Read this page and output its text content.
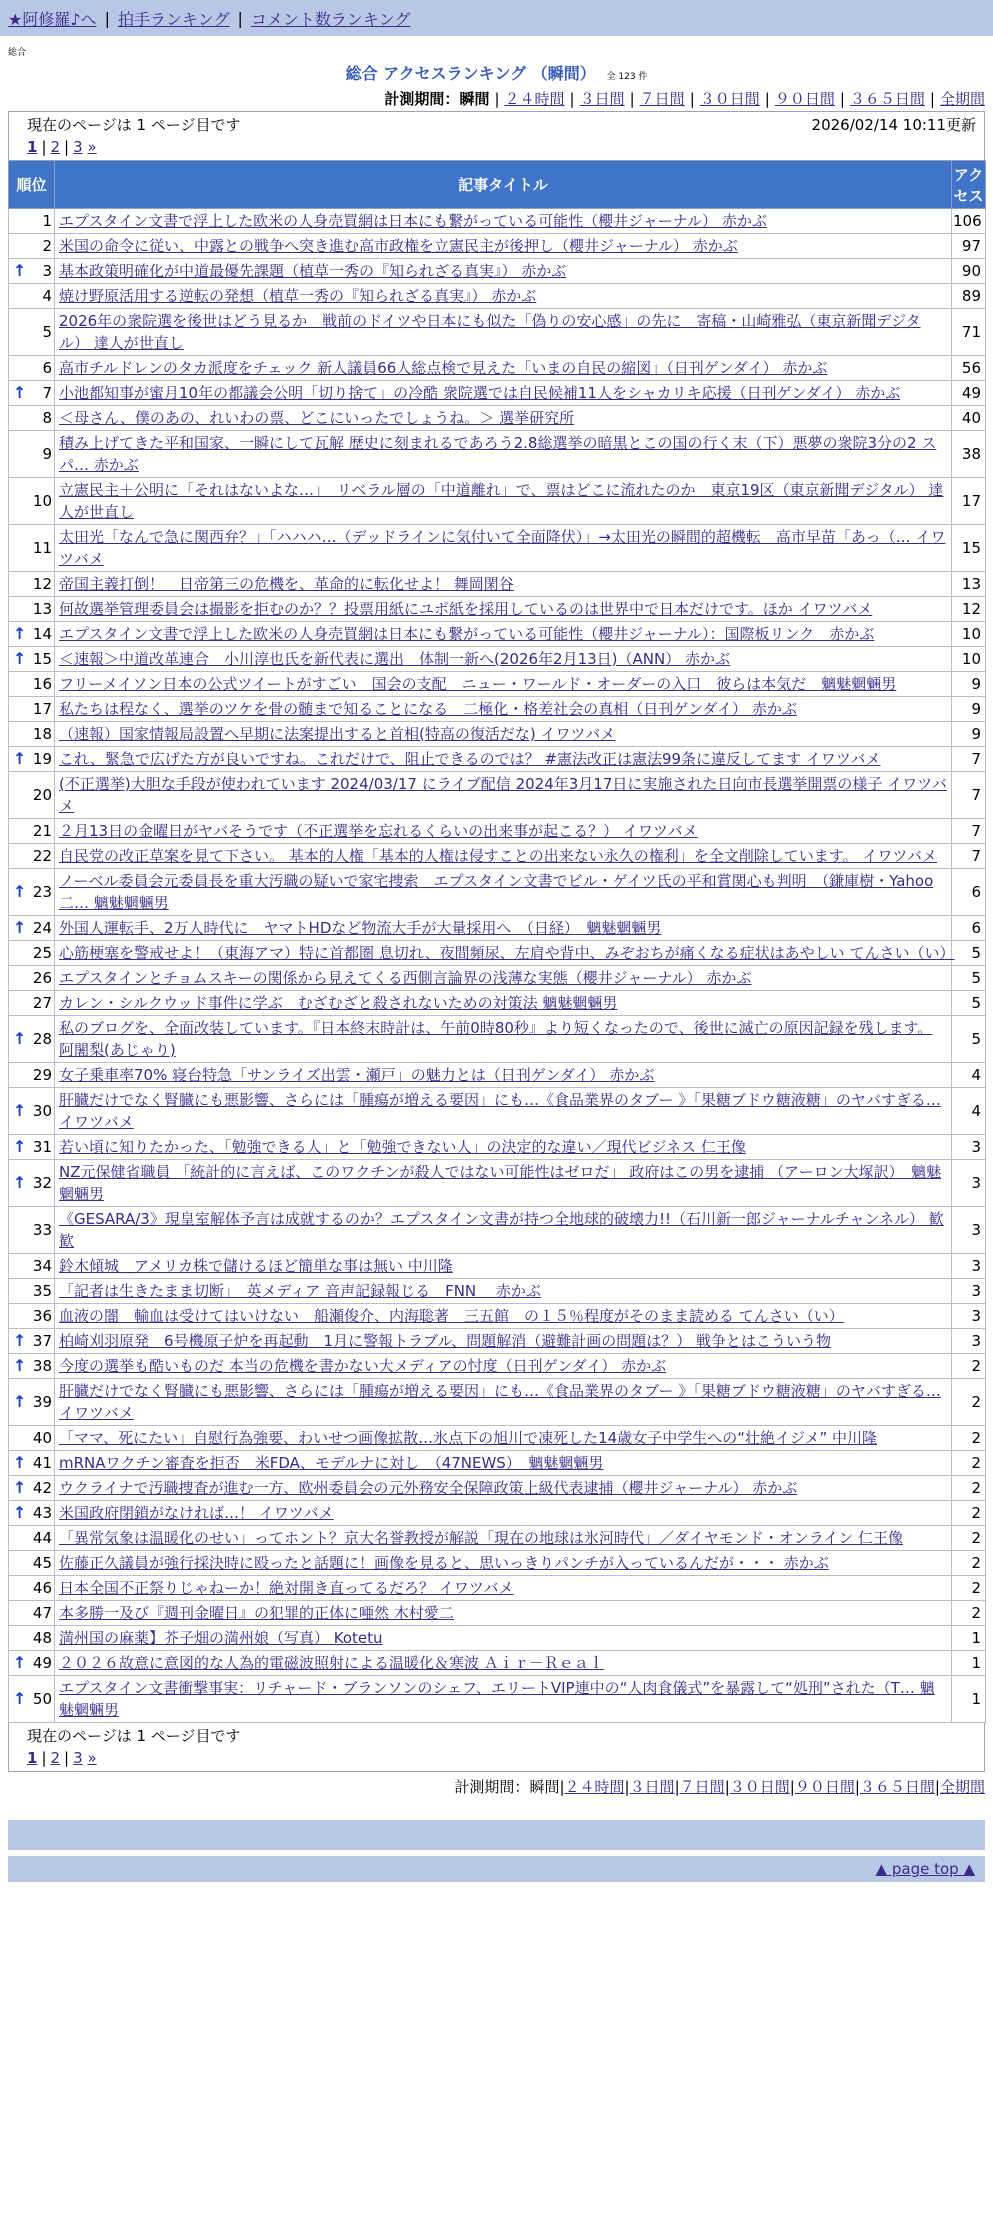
★阿修羅♪へ | 拍手ランキング | コメント数ランキング
総合
総合 アクセスランキング （瞬間） 全 123 件
計測期間：瞬間 | ２４時間 | ３日間 | ７日間 | ３０日間 | ９０日間 | ３６５日間 | 全期間
現在のページは 1 ページ目です	2026/02/14 10:11更新
1 | 2 | 3 »
順位	記事タイトル	アクセス
1	エプスタイン文書で浮上した欧米の人身売買網は日本にも繋がっている可能性（櫻井ジャーナル） 赤かぶ	106
2	米国の命令に従い、中露との戦争へ突き進む高市政権を立憲民主が後押し（櫻井ジャーナル） 赤かぶ	97

↑ 3	基本政策明確化が中道最優先課題（植草一秀の『知られざる真実』） 赤かぶ	90
4	焼け野原活用する逆転の発想（植草一秀の『知られざる真実』） 赤かぶ	89
5	2026年の衆院選を後世はどう見るか　戦前のドイツや日本にも似た「偽りの安心感」の先に　寄稿・山崎雅弘（東京新聞デジタル） 達人が世直し	71
6	高市チルドレンのタカ派度をチェック 新人議員66人総点検で見えた「いまの自民の縮図」（日刊ゲンダイ） 赤かぶ	56

↑ 7	小池都知事が蜜月10年の都議会公明「切り捨て」の冷酷 衆院選では自民候補11人をシャカリキ応援（日刊ゲンダイ） 赤かぶ	49
8	＜母さん、僕のあの、れいわの票、どこにいったでしょうね。＞ 選挙研究所	40
9	積み上げてきた平和国家、一瞬にして瓦解 歴史に刻まれるであろう2.8総選挙の暗黒とこの国の行く末（下）悪夢の衆院3分の2 スパ… 赤かぶ	38
10	立憲民主＋公明に「それはないよな…」　リベラル層の「中道離れ」で、票はどこに流れたのか　東京19区（東京新聞デジタル） 達人が世直し	17
11	太田光「なんで急に関西弁？」「ハハハ…（デッドラインに気付いて全面降伏）」→太田光の瞬間的超機転　高市早苗「あっ（… イワツバメ	15
12	帝国主義打倒！　日帝第三の危機を、革命的に転化せよ！ 舞岡閑谷	13
13	何故選挙管理委員会は撮影を拒むのか？？投票用紙にユポ紙を採用しているのは世界中で日本だけです。ほか イワツバメ	12

↑ 14	エプスタイン文書で浮上した欧米の人身売買網は日本にも繋がっている可能性（櫻井ジャーナル）：国際板リンク　赤かぶ	10

↑ 15	＜速報＞中道改革連合　小川淳也氏を新代表に選出　体制一新へ(2026年2月13日)（ANN） 赤かぶ	10
16	フリーメイソン日本の公式ツイートがすごい　国会の支配　ニュー・ワールド・オーダーの入口　彼らは本気だ　魑魅魍魎男	9
17	私たちは程なく、選挙のツケを骨の髄まで知ることになる　二極化・格差社会の真相（日刊ゲンダイ） 赤かぶ	9
18	（速報）国家情報局設置へ早期に法案提出すると首相(特高の復活だな) イワツバメ	9

↑ 19	これ、緊急で広げた方が良いですね。これだけで、阻止できるのでは？ #憲法改正は憲法99条に違反してます イワツバメ	7
20	(不正選挙)大胆な手段が使われています 2024/03/17 にライブ配信 2024年3月17日に実施された日向市長選挙開票の様子 イワツバメ	7
21	２月13日の金曜日がヤバそうです（不正選挙を忘れるくらいの出来事が起こる？） イワツバメ	7
22	自民党の改正草案を見て下さい。 基本的人権「基本的人権は侵すことの出来ない永久の権利」を全文削除しています。 イワツバメ	7

↑ 23	ノーベル委員会元委員長を重大汚職の疑いで家宅捜索　エプスタイン文書でビル・ゲイツ氏の平和賞関心も判明　（鎌庫樹・Yahoo二… 魑魅魍魎男	6

↑ 24	外国人運転手、2万人時代に　ヤマトHDなど物流大手が大量採用へ　（日経）　魑魅魍魎男	6
25	心筋梗塞を警戒せよ！（東海アマ）特に首都圏 息切れ、夜間頻尿、左肩や背中、みぞおちが痛くなる症状はあやしい てんさい（い）	5
26	エプスタインとチョムスキーの関係から見えてくる西側言論界の浅薄な実態（櫻井ジャーナル） 赤かぶ	5
27	カレン・シルクウッド事件に学ぶ　むざむざと殺されないための対策法 魑魅魍魎男	5

↑ 28	私のブログを、全面改装しています。『日本終末時計は、午前0時80秒』より短くなったので、後世に滅亡の原因記録を残します。 阿闍梨(あじゃり)	5
29	女子乗車率70% 寝台特急「サンライズ出雲・瀬戸」の魅力とは（日刊ゲンダイ） 赤かぶ	4

↑ 30	肝臓だけでなく腎臓にも悪影響、さらには「腫瘍が増える要因」にも…《食品業界のタブー 》「果糖ブドウ糖液糖」のヤバすぎる… イワツバメ	4

↑ 31	若い頃に知りたかった、「勉強できる人」と「勉強できない人」の決定的な違い／現代ビジネス 仁王像	3

↑ 32	NZ元保健省職員 「統計的に言えば、このワクチンが殺人ではない可能性はゼロだ」 政府はこの男を逮捕 （アーロン大塚訳）　魑魅魍魎男	3
33	《GESARA/3》現皇室解体予言は成就するのか？エプスタイン文書が持つ全地球的破壊力!!（石川新一郎ジャーナルチャンネル） 歓歓	3
34	鈴木傾城＿アメリカ株で儲けるほど簡単な事は無い 中川隆	3
35	「記者は生きたまま切断」　英メディア 音声記録報じる　FNN　 赤かぶ	3
36	血液の闇　輸血は受けてはいけない　船瀬俊介、内海聡著　三五館　の１５％程度がそのまま読める てんさい（い）	3

↑ 37	柏崎刈羽原発　6号機原子炉を再起動　1月に警報トラブル、問題解消（避難計画の問題は？） 戦争とはこういう物	3

↑ 38	今度の選挙も酷いものだ 本当の危機を書かない大メディアの忖度（日刊ゲンダイ） 赤かぶ	2

↑ 39	肝臓だけでなく腎臓にも悪影響、さらには「腫瘍が増える要因」にも…《食品業界のタブー 》「果糖ブドウ糖液糖」のヤバすぎる… イワツバメ	2
40	「ママ、死にたい」自慰行為強要、わいせつ画像拡散…氷点下の旭川で凍死した14歳女子中学生への“壮絶イジメ” 中川隆	2

↑ 41	mRNAワクチン審査を拒否　米FDA、モデルナに対し　（47NEWS）　魑魅魍魎男	2

↑ 42	ウクライナで汚職捜査が進む一方、欧州委員会の元外務安全保障政策上級代表逮捕（櫻井ジャーナル） 赤かぶ	2

↑ 43	米国政府閉鎖がなければ…！ イワツバメ	2
44	「異常気象は温暖化のせい」ってホント？京大名誉教授が解説「現在の地球は氷河時代」／ダイヤモンド・オンライン 仁王像	2
45	佐藤正久議員が強行採決時に殴ったと話題に！画像を見ると、思いっきりパンチが入っているんだが・・・ 赤かぶ	2
46	日本全国不正祭りじゃねーか！絶対開き直ってるだろ？ イワツバメ	2
47	本多勝一及び『週刊金曜日』の犯罪的正体に唖然 木村愛二	2
48	満州国の麻薬】芥子畑の満州娘（写真） Kotetu	1

↑ 49	２０２６故意に意図的な人為的電磁波照射による温暖化＆寒波 Ａｉｒ－Ｒｅａｌ	1

↑ 50	エプスタイン文書衝撃事実：リチャード・ブランソンのシェフ、エリートVIP連中の“人肉食儀式”を暴露して“処刑”された（T… 魑魅魍魎男	1
現在のページは 1 ページ目です
1 | 2 | 3 »
計測期間：瞬間|２４時間|３日間|７日間|３０日間|９０日間|３６５日間|全期間
▲ page top ▲
